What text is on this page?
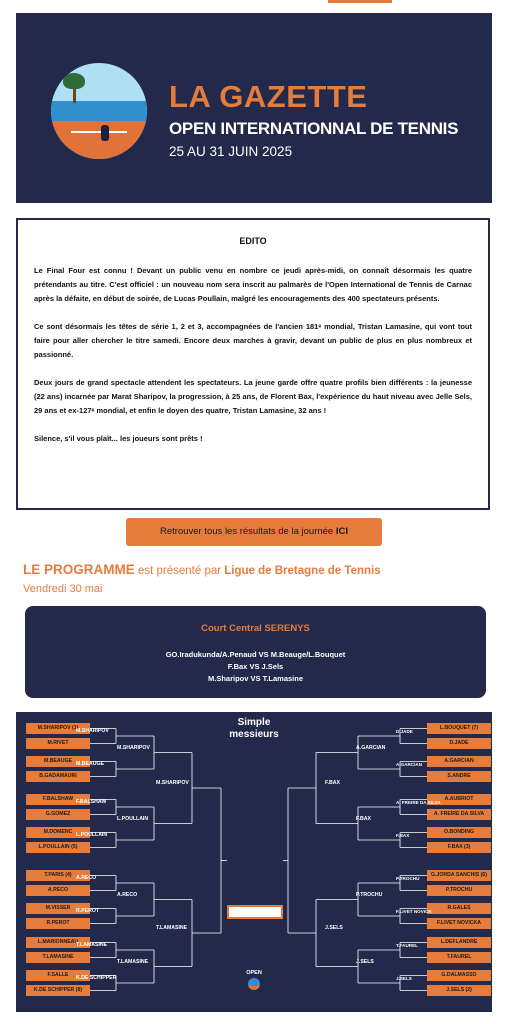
LA GAZETTE

OPEN INTERNATIONNAL DE TENNIS

25 AU 31 JUIN 2025

EDITO

Le Final Four est connu ! Devant un public venu en nombre ce jeudi après-midi, on connaît désormais les quatre prétendants au titre. C'est officiel : un nouveau nom sera inscrit au palmarès de l'Open International de Tennis de Carnac après la défaite, en début de soirée, de Lucas Poullain, malgré les encouragements des 400 spectateurs présents.

Ce sont désormais les têtes de série 1, 2 et 3, accompagnées de l'ancien 181ᵉ mondial, Tristan Lamasine, qui vont tout faire pour aller chercher le titre samedi. Encore deux marches à gravir, devant un public de plus en plus nombreux et passionné.

Deux jours de grand spectacle attendent les spectateurs. La jeune garde offre quatre profils bien différents : la jeunesse (22 ans) incarnée par Marat Sharipov, la progression, à 25 ans, de Florent Bax, l'expérience du haut niveau avec Jelle Sels, 29 ans et ex-127ᵉ mondial, et enfin le doyen des quatre, Tristan Lamasine, 32 ans !

Silence, s'il vous plaît... les joueurs sont prêts !

Retrouver tous les résultats de la journée ICI

LE PROGRAMME est présenté par Ligue de Bretagne de Tennis

Vendredi 30 mai

Court Central SERENYS

GO.Iradukunda/A.Penaud VS M.Beauge/L.Bouquet

F.Bax VS J.Sels

M.Sharipov VS T.Lamasine

Simple
messieurs

OPEN
M.SHARIPOV (1)
M.RIVET
M.BEAUGE
B.GADAMAURI
F.BALSHAW
G.GOMEZ
M.DOMENC
L.POULLAIN (5)
T.PARIS (4)
A.RECO
M.VISSER
R.PEROT
L.MARIONNEAU
T.LAMASINE
F.SALLE
K.DE SCHIPPER (8)
L.BOUQUET (7)
D.JADE
A.GARCIAN
S.ANDRE
A.AUBRIOT
A. FREIRE DA SILVA
O.BONDING
F.BAX (3)
G.JORDA SANCHIS (6)
P.TROCHU
R.GALES
F.LIVET NOVICKA
L.DEFLANDRE
T.FAUREL
G.DALMASSO
J.SELS (2)
M.SHARIPOV
M.BEAUGE
F.BALSHAW
L.POULLAIN
A.RECO
R.PEROT
T.LAMASINE
K.DE SCHIPPER
M.SHARIPOV
L.POULLAIN
A.RECO
T.LAMASINE
M.SHARIPOV
T.LAMASINE
D.JADE
A.GARCIAN
A. FREIRE DA SILVA
F.BAX
P.TROCHU
F.LIVET NOVICK
T.FAUREL
J.SELS
A.GARCIAN
F.BAX
P.TROCHU
J.SELS
F.BAX
J.SELS
